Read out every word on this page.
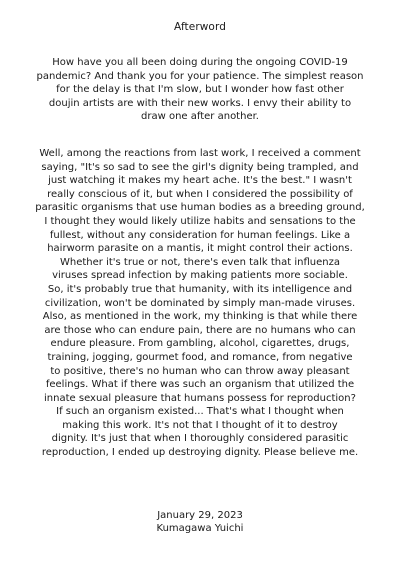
Afterword

How have you all been doing during the ongoing COVID-19
pandemic? And thank you for your patience. The simplest reason
for the delay is that I'm slow, but I wonder how fast other
doujin artists are with their new works. I envy their ability to
draw one after another.

Well, among the reactions from last work, I received a comment
saying, "It's so sad to see the girl's dignity being trampled, and
just watching it makes my heart ache. It's the best." I wasn't
really conscious of it, but when I considered the possibility of
parasitic organisms that use human bodies as a breeding ground,
I thought they would likely utilize habits and sensations to the
fullest, without any consideration for human feelings. Like a
hairworm parasite on a mantis, it might control their actions.
Whether it's true or not, there's even talk that influenza
viruses spread infection by making patients more sociable.
So, it's probably true that humanity, with its intelligence and
civilization, won't be dominated by simply man-made viruses.
Also, as mentioned in the work, my thinking is that while there
are those who can endure pain, there are no humans who can
endure pleasure. From gambling, alcohol, cigarettes, drugs,
training, jogging, gourmet food, and romance, from negative
to positive, there's no human who can throw away pleasant
feelings. What if there was such an organism that utilized the
innate sexual pleasure that humans possess for reproduction?
If such an organism existed... That's what I thought when
making this work. It's not that I thought of it to destroy
dignity. It's just that when I thoroughly considered parasitic
reproduction, I ended up destroying dignity. Please believe me.

January 29, 2023
Kumagawa Yuichi
